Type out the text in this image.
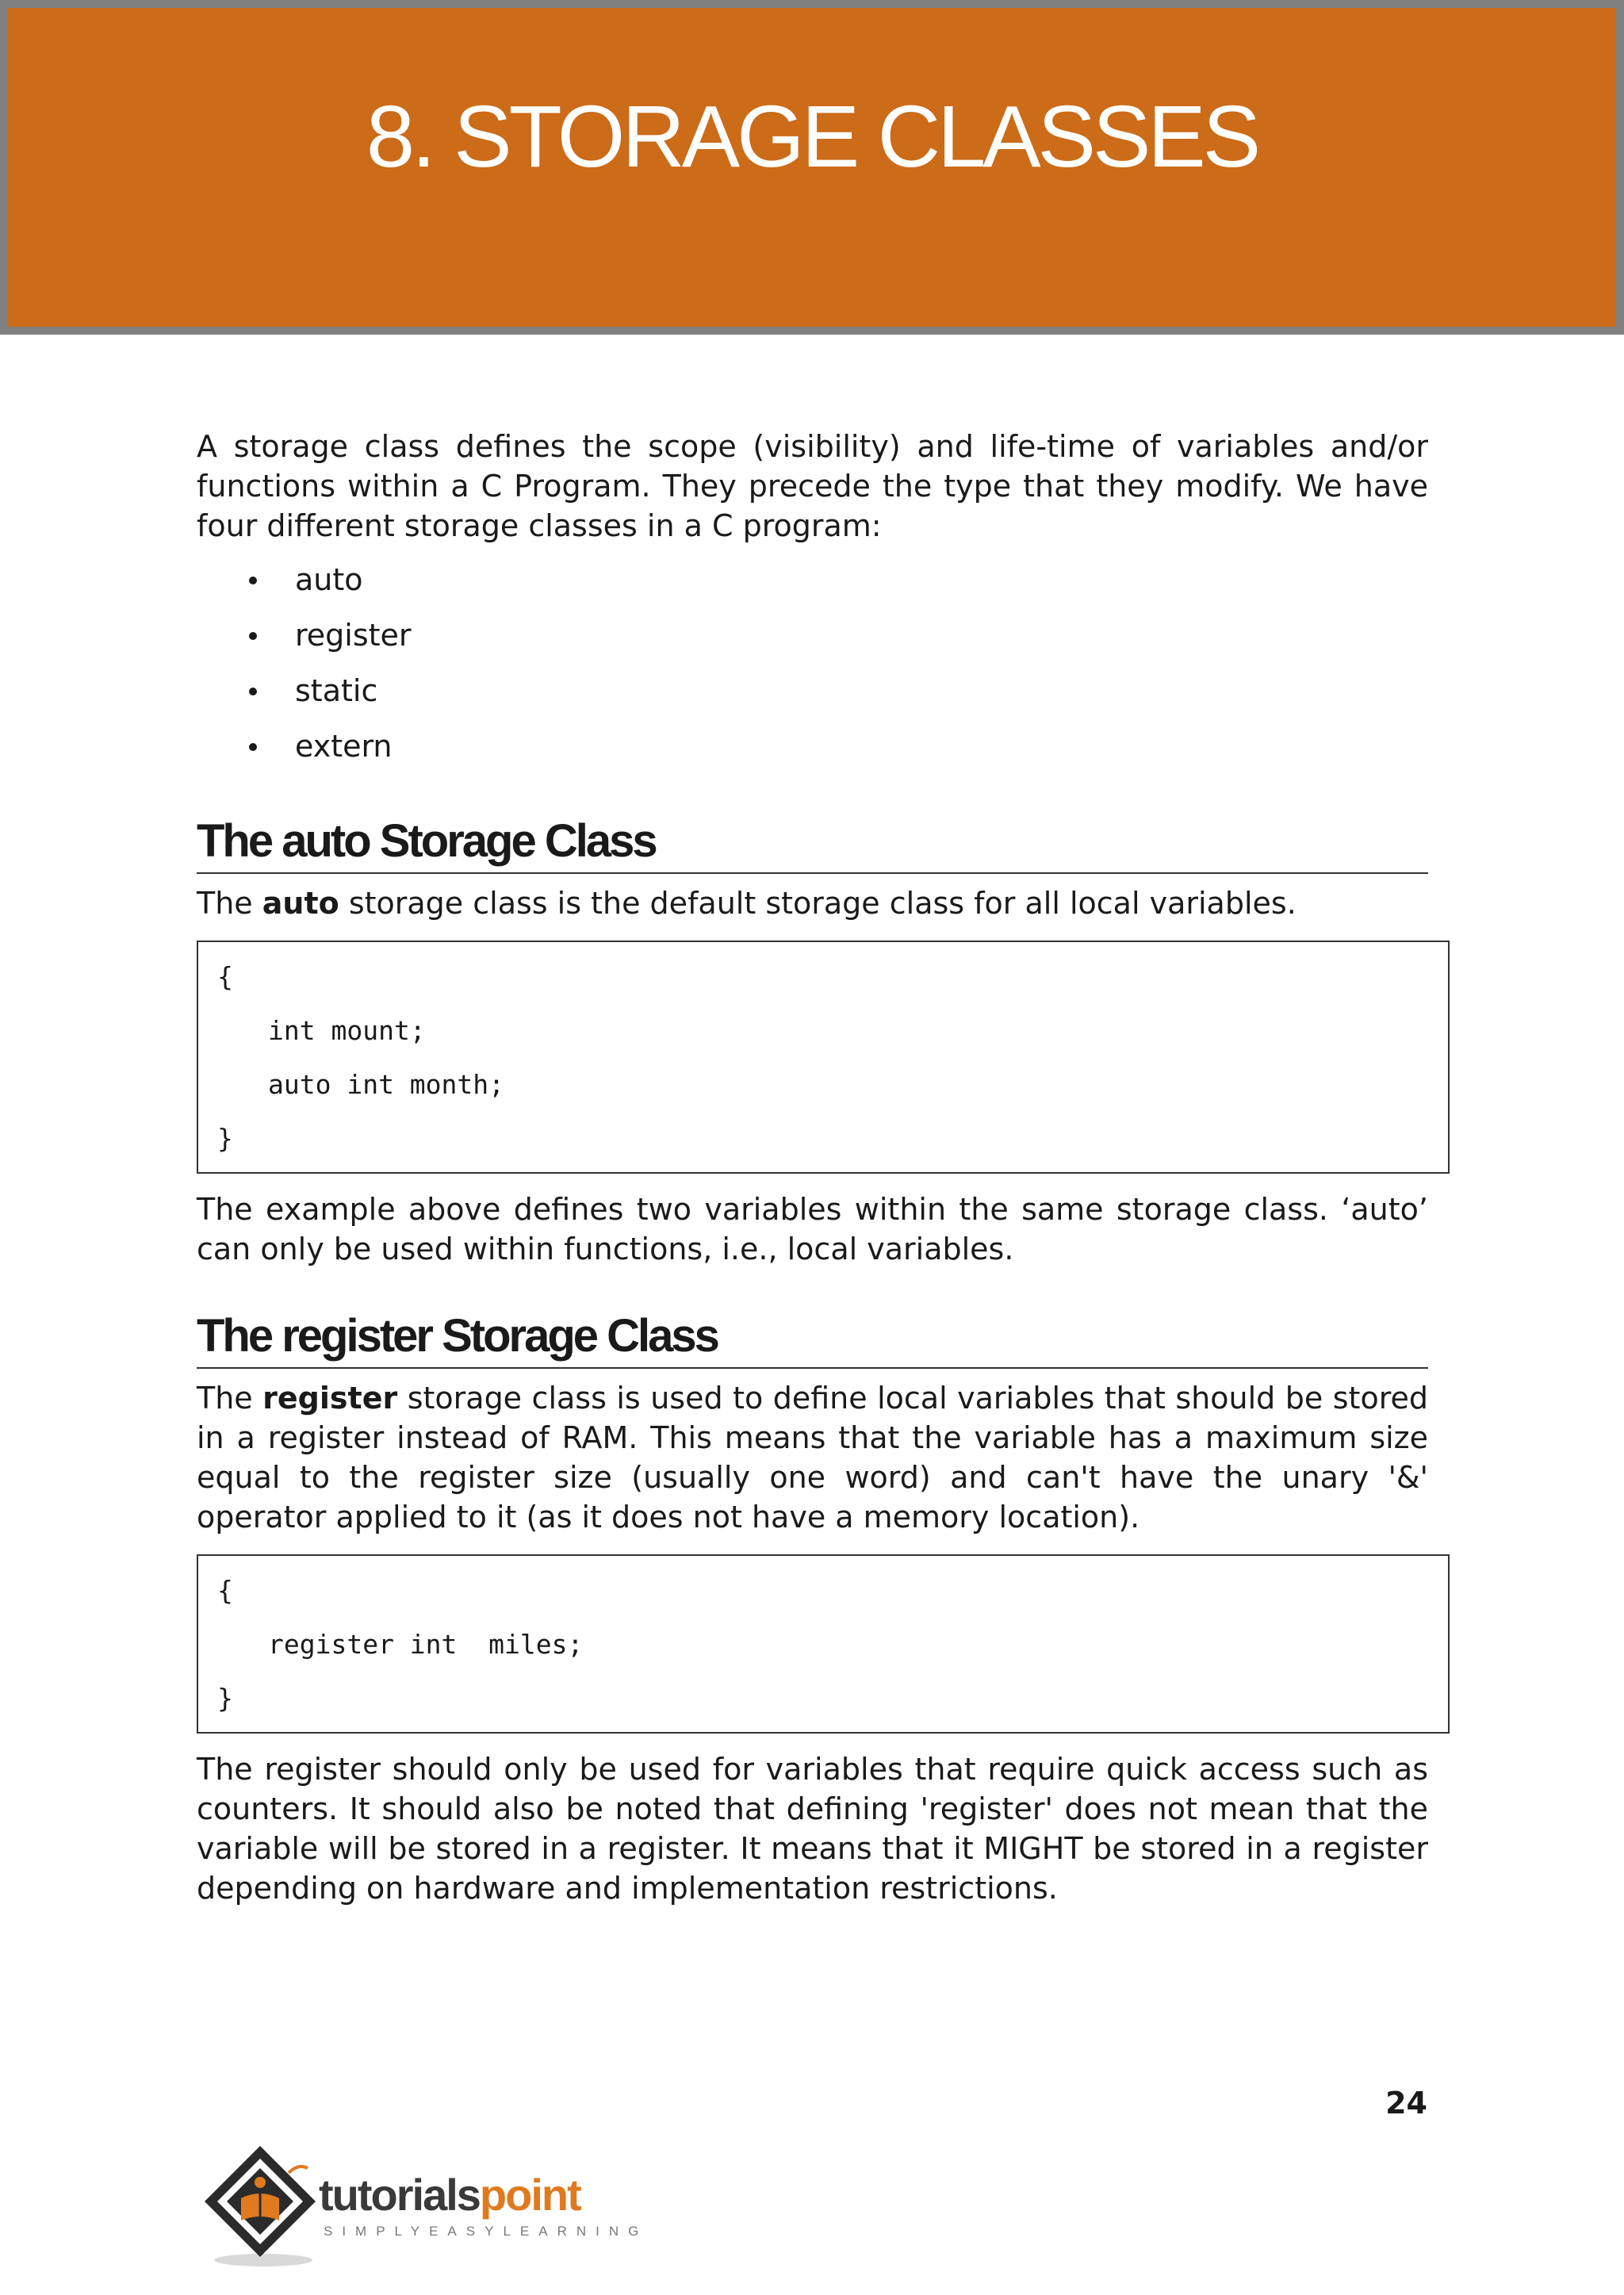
8. STORAGE CLASSES

A storage class defines the scope (visibility) and life-time of variables and/or functions within a C Program. They precede the type that they modify. We have four different storage classes in a C program:

auto
register
static
extern
The auto Storage Class

The auto storage class is the default storage class for all local variables.

{
int mount;
auto int month;
}

The example above defines two variables within the same storage class. ‘auto’ can only be used within functions, i.e., local variables.

The register Storage Class

The register storage class is used to define local variables that should be stored in a register instead of RAM. This means that the variable has a maximum size equal to the register size (usually one word) and can't have the unary '&' operator applied to it (as it does not have a memory location).

{
register int  miles;
}

The register should only be used for variables that require quick access such as counters. It should also be noted that defining 'register' does not mean that the variable will be stored in a register. It means that it MIGHT be stored in a register depending on hardware and implementation restrictions.

24
tutorialspoint
SIMPLYEASYLEARNING
